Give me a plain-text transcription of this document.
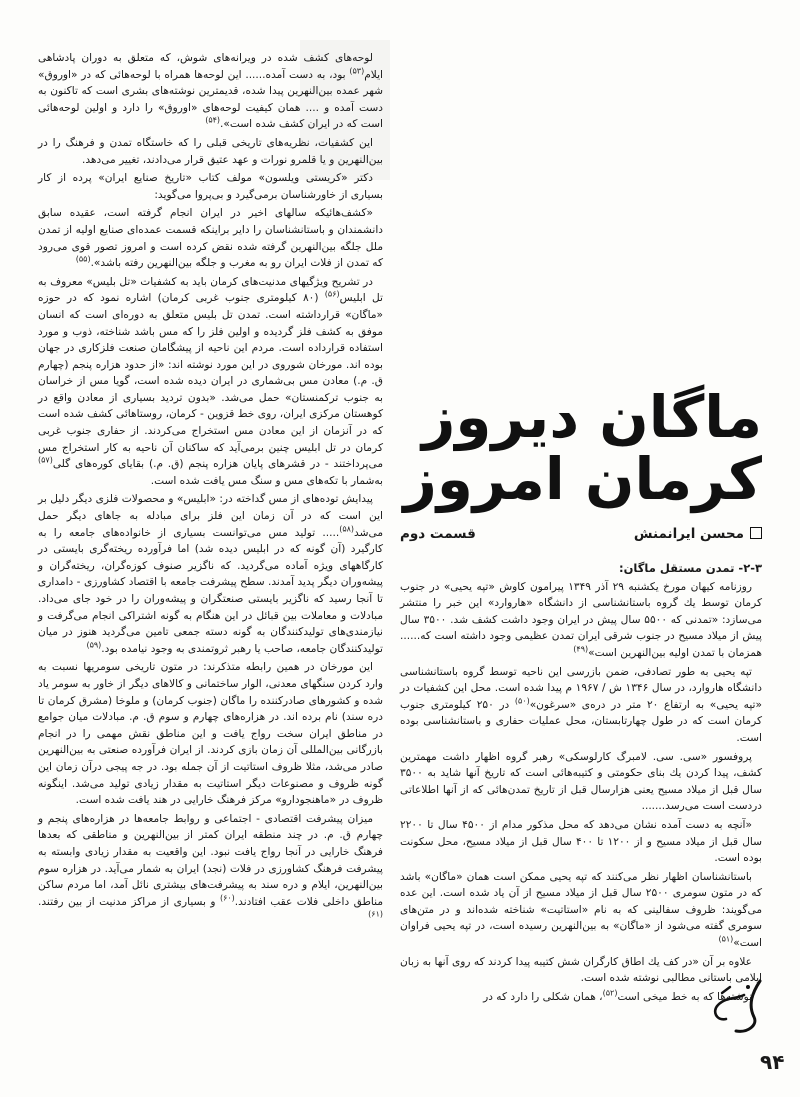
لوحه‌های کشف شده در ویرانه‌های شوش، که متعلق به دوران پادشاهی ایلام$^{(۵۳)}$ بود، به دست آمده...... این لوحه‌ها همراه با لوحه‌هائی که در «اوروق» شهر عمده بین‌النهرین پیدا شده، قدیمترین نوشته‌های بشری است که تاکنون به دست آمده و .... همان کیفیت لوحه‌های «اوروق» را دارد و اولین لوحه‌هائی است که در ایران کشف شده است».$^{(۵۴)}$

این کشفیات، نظریه‌های تاریخی قبلی را که خاستگاه تمدن و فرهنگ را در بین‌النهرین و یا قلمرو نورات و عهد عتیق قرار می‌دادند، تغییر می‌دهد.

دکتر «کریستی ویلسون» مولف کتاب «تاریخ صنایع ایران» پرده از کار بسیاری از خاورشناسان برمی‌گیرد و بی‌پروا می‌گوید:

«کشف‌هائیکه سالهای اخیر در ایران انجام گرفته است، عقیده سابق دانشمندان و باستانشناسان را دایر براینکه قسمت عمده‌ای صنایع اولیه از تمدن ملل جلگه بین‌النهرین گرفته شده نقض کرده است و امروز تصور قوی می‌رود که تمدن از فلات ایران رو به مغرب و جلگه بین‌النهرین رفته باشد».$^{(۵۵)}$

در تشریح ویژگیهای مدنیت‌های کرمان باید به کشفیات «تل بلیس» معروف به تل ابلیس$^{(۵۶)}$ (۸۰ کیلومتری جنوب غربی کرمان) اشاره نمود که در حوزه «ماگان» قرارداشته است. تمدن تل بلیس متعلق به دوره‌ای است که انسان موفق به کشف فلز گردیده و اولین فلز را که مس باشد شناخته، ذوب و مورد استفاده قرارداده است. مردم این ناحیه از پیشگامان صنعت فلزکاری در جهان بوده اند. مورخان شوروی در این مورد نوشته اند: «از حدود هزاره پنجم (چهارم ق. م.) معادن مس بی‌شماری در ایران دیده شده است، گویا مس از خراسان به جنوب ترکمنستان» حمل می‌شد. «بدون تردید بسیاری از معادن واقع در کوهستان مرکزی ایران، روی خط قزوین - کرمان، روستاهائی کشف شده است که در آنزمان از این معادن مس استخراج می‌کردند. از حفاری جنوب غربی کرمان در تل ابلیس چنین برمی‌آید که ساکنان آن ناحیه به کار استخراج مس می‌پرداختند - در قشرهای پایان هزاره پنجم (ق. م.) بقایای کوره‌های گلی$^{(۵۷)}$ به‌شمار با تکه‌های مس و سنگ مس یافت شده است.

پیدایش توده‌های از مس گداخته در: «ابلیس» و محصولات فلزی دیگر دلیل بر این است که در آن زمان این فلز برای مبادله به جاهای دیگر حمل می‌شد$^{(۵۸)}$..... تولید مس می‌توانست بسیاری از خانواده‌های جامعه را به کارگیرد (آن گونه که در ابلیس دیده شد) اما فرآورده ریخته‌گری بایستی در کارگاههای ویژه آماده می‌گردید. که ناگزیر صنوف کوزه‌گران، ریخته‌گران و پیشه‌وران دیگر پدید آمدند. سطح پیشرفت جامعه با اقتصاد کشاورزی - دامداری تا آنجا رسید که ناگزیر بایستی صنعتگران و پیشه‌وران را در خود جای می‌داد. مبادلات و معاملات بین قبائل در این هنگام به گونه اشتراکی انجام می‌گرفت و نیازمندی‌های تولیدکنندگان به گونه دسته جمعی تامین می‌گردید هنوز در میان تولیدکنندگان جامعه، صاحب یا رهبر ثروتمندی به وجود نیامده بود.$^{(۵۹)}$

این مورخان در همین رابطه متذکرند: در متون تاریخی سومریها نسبت به وارد کردن سنگهای معدنی، الوار ساختمانی و کالاهای دیگر از خاور به سومر یاد شده و کشورهای صادرکننده را ماگان (جنوب کرمان) و ملوخا (مشرق کرمان تا دره سند) نام برده اند. در هزاره‌های چهارم و سوم ق. م. مبادلات میان جوامع در مناطق ایران سخت رواج یافت و این مناطق نقش مهمی را در انجام بازرگانی بین‌المللی آن زمان بازی کردند. از ایران فرآورده صنعتی به بین‌النهرین صادر می‌شد، مثلا ظروف استاتیت از آن جمله بود. در جه پیجی درآن زمان این گونه ظروف و مصنوعات دیگر استاتیت به مقدار زیادی تولید می‌شد. اینگونه ظروف در «ماهنجودارو» مرکز فرهنگ خارایی در هند یافت شده است.

میزان پیشرفت اقتصادی - اجتماعی و روابط جامعه‌ها در هزاره‌های پنجم و چهارم ق. م. در چند منطقه ایران کمتر از بین‌النهرین و مناطقی که بعدها فرهنگ خارایی در آنجا رواج یافت نبود. این واقعیت به مقدار زیادی وابسته به پیشرفت فرهنگ کشاورزی در فلات (نجد) ایران به شمار می‌آید. در هزاره سوم بین‌النهرین، ایلام و دره سند به پیشرفت‌های بیشتری نائل آمد، اما مردم ساکن مناطق داخلی فلات عقب افتادند.$^{(۶۰)}$ و بسیاری از مراکز مدنیت از بین رفتند.$^{(۶۱)}$

ماگان دیروز
کرمان امروز
محسن ایرانمنش
قسمت دوم

۲-۳- تمدن مستقل ماگان:

روزنامه کیهان مورخ یکشنبه ۲۹ آذر ۱۳۴۹ پیرامون کاوش «تپه یحیی» در جنوب کرمان توسط یك گروه باستانشناسی از دانشگاه «هاروارد» این خبر را منتشر می‌سازد: «تمدنی که ۵۵۰۰ سال پیش در ایران وجود داشت کشف شد. ۳۵۰۰ سال پیش از میلاد مسیح در جنوب شرقی ایران تمدن عظیمی وجود داشته است که...... همزمان با تمدن اولیه بین‌النهرین است»$^{(۴۹)}$

تپه یحیی به طور تصادفی، ضمن بازرسی این ناحیه توسط گروه باستانشناسی دانشگاه هاروارد، در سال ۱۳۴۶ ش / ۱۹۶۷ م پیدا شده است. محل این کشفیات در «تپه یحیی» به ارتفاع ۲۰ متر در دره‌ی «سرغون»$^{(۵۰)}$ در ۲۵۰ کیلومتری جنوب کرمان است که در طول چهارتابستان، محل عملیات حفاری و باستانشناسی بوده است.

پروفسور «سی. سی. لامبرگ کارلوسکی» رهبر گروه اظهار داشت مهمترین کشف، پیدا کردن یك بنای حکومتی و کتیبه‌هائی است که تاریخ آنها شاید به ۳۵۰۰ سال قبل از میلاد مسیح یعنی هزارسال قبل از تاریخ تمدن‌هائی که از آنها اطلاعاتی دردست است می‌رسد.......

«آنچه به دست آمده نشان می‌دهد که محل مذکور مدام از ۴۵۰۰ سال تا ۲۲۰۰ سال قبل از میلاد مسیح و از ۱۲۰۰ تا ۴۰۰ سال قبل از میلاد مسیح، محل سکونت بوده است.

باستانشناسان اظهار نظر می‌کنند که تپه یحیی ممکن است همان «ماگان» باشد که در متون سومری ۲۵۰۰ سال قبل از میلاد مسیح از آن یاد شده است. این عده می‌گویند: ظروف سفالینی که به نام «استاتیت» شناخته شده‌اند و در متن‌های سومری گفته می‌شود از «ماگان» به بین‌النهرین رسیده است، در تپه یحیی فراوان است»$^{(۵۱)}$

علاوه بر آن «در کف یك اطاق کارگران شش کتیبه پیدا کردند که روی آنها به زبان ایلامی باستانی مطالبی نوشته شده است.

نوشته‌ها که به خط میخی است$^{(۵۲)}$، همان شکلی را دارد که در

۹۴
